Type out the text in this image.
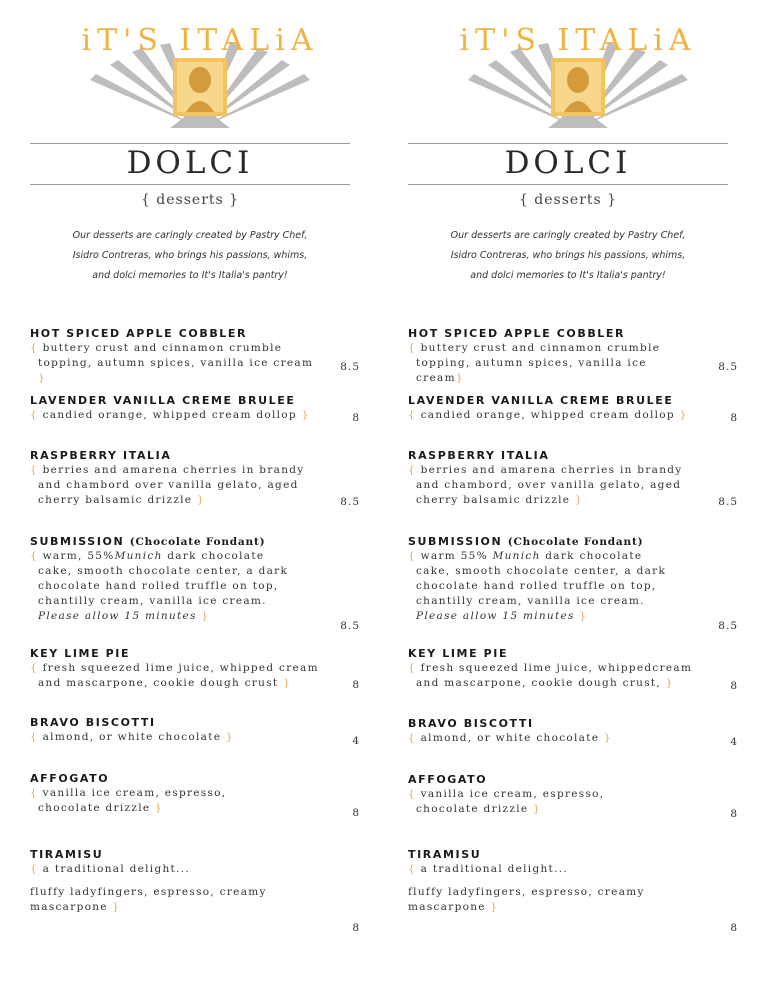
iT'S ITALiA
DOLCI
{ desserts }
Our desserts are caringly created by Pastry Chef,
Isidro Contreras, who brings his passions, whims,
and dolci memories to It's Italia's pantry!
HOT SPICED APPLE COBBLER
{ buttery crust and cinnamon crumble
topping, autumn spices, vanilla ice cream }
8.5
LAVENDER VANILLA CREME BRULEE
{ candied orange, whipped cream dollop }	8
RASPBERRY ITALIA
{ berries and amarena cherries in brandy
and chambord over vanilla gelato, aged
cherry balsamic drizzle }	8.5
SUBMISSION (Chocolate Fondant)
{ warm, 55%Munich dark chocolate
cake, smooth chocolate center, a dark
chocolate hand rolled truffle on top,
chantilly cream, vanilla ice cream.
Please allow 15 minutes }
8.5
KEY LIME PIE
{ fresh squeezed lime juice, whipped cream
and mascarpone, cookie dough crust }	8
BRAVO BISCOTTI
{ almond, or white chocolate }	4
AFFOGATO
{ vanilla ice cream, espresso,
chocolate drizzle }	8
TIRAMISU
{ a traditional delight...
fluffy ladyfingers, espresso, creamy
mascarpone }
8
iT'S ITALiA
DOLCI
{ desserts }
Our desserts are caringly created by Pastry Chef,
Isidro Contreras, who brings his passions, whims,
and dolci memories to It's Italia's pantry!
HOT SPICED APPLE COBBLER
{ buttery crust and cinnamon crumble
topping, autumn spices, vanilla ice cream}
8.5
LAVENDER VANILLA CREME BRULEE
{ candied orange, whipped cream dollop }	8
RASPBERRY ITALIA
{ berries and amarena cherries in brandy
and chambord, over vanilla gelato, aged
cherry balsamic drizzle }	8.5
SUBMISSION (Chocolate Fondant)
{ warm 55% Munich dark chocolate
cake, smooth chocolate center, a dark
chocolate hand rolled truffle on top,
chantilly cream, vanilla ice cream.
Please allow 15 minutes }
8.5
KEY LIME PIE
{ fresh squeezed lime juice, whippedcream
and mascarpone, cookie dough crust, }	8
BRAVO BISCOTTI
{ almond, or white chocolate }	4
AFFOGATO
{ vanilla ice cream, espresso,
chocolate drizzle }	8
TIRAMISU
{ a traditional delight...
fluffy ladyfingers, espresso, creamy
mascarpone }
8
